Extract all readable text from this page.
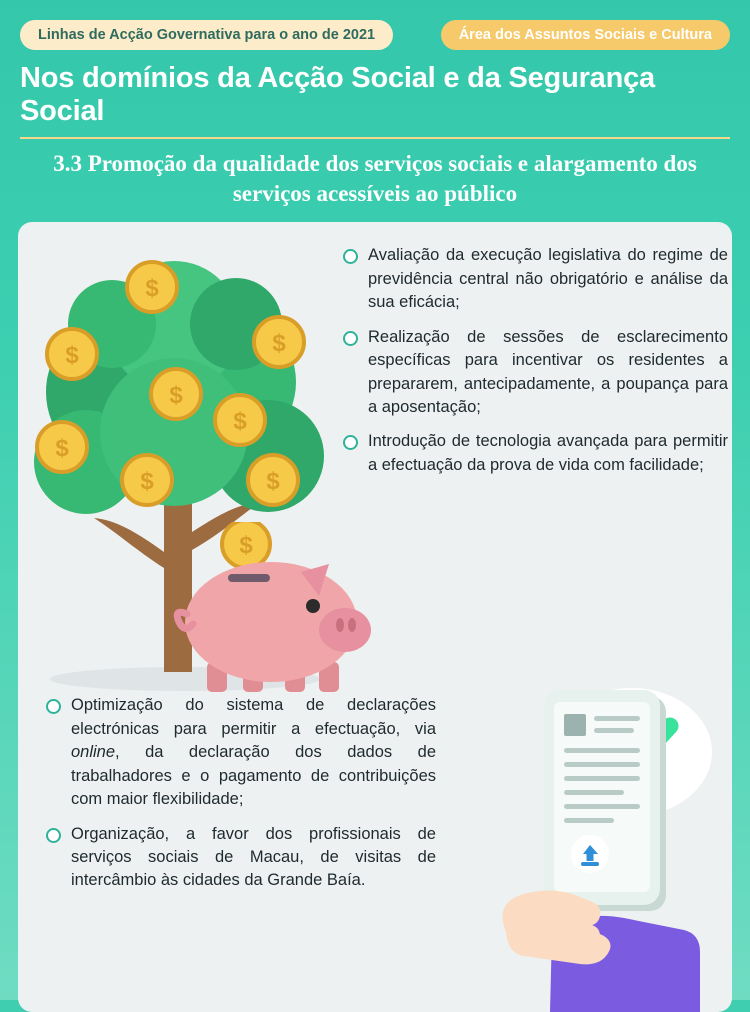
Linhas de Acção Governativa para o ano de 2021	Área dos Assuntos Sociais e Cultura
Nos domínios da Acção Social e da Segurança Social
3.3 Promoção da qualidade dos serviços sociais e alargamento dos serviços acessíveis ao público
$
$	$
$
$
$
$	$
$
Avaliação da execução legislativa do regime de previdência central não obrigatório e análise da sua eficácia;
Realização de sessões de esclarecimento específicas para incentivar os residentes a prepararem, antecipadamente, a poupança para a aposentação;
Introdução de tecnologia avançada para permitir a efectuação da prova de vida com facilidade;
Optimização do sistema de declarações electrónicas para permitir a efectuação, via online, da declaração dos dados de trabalhadores e o pagamento de contribuições com maior flexibilidade;
Organização, a favor dos profissionais de serviços sociais de Macau, de visitas de intercâmbio às cidades da Grande Baía.
